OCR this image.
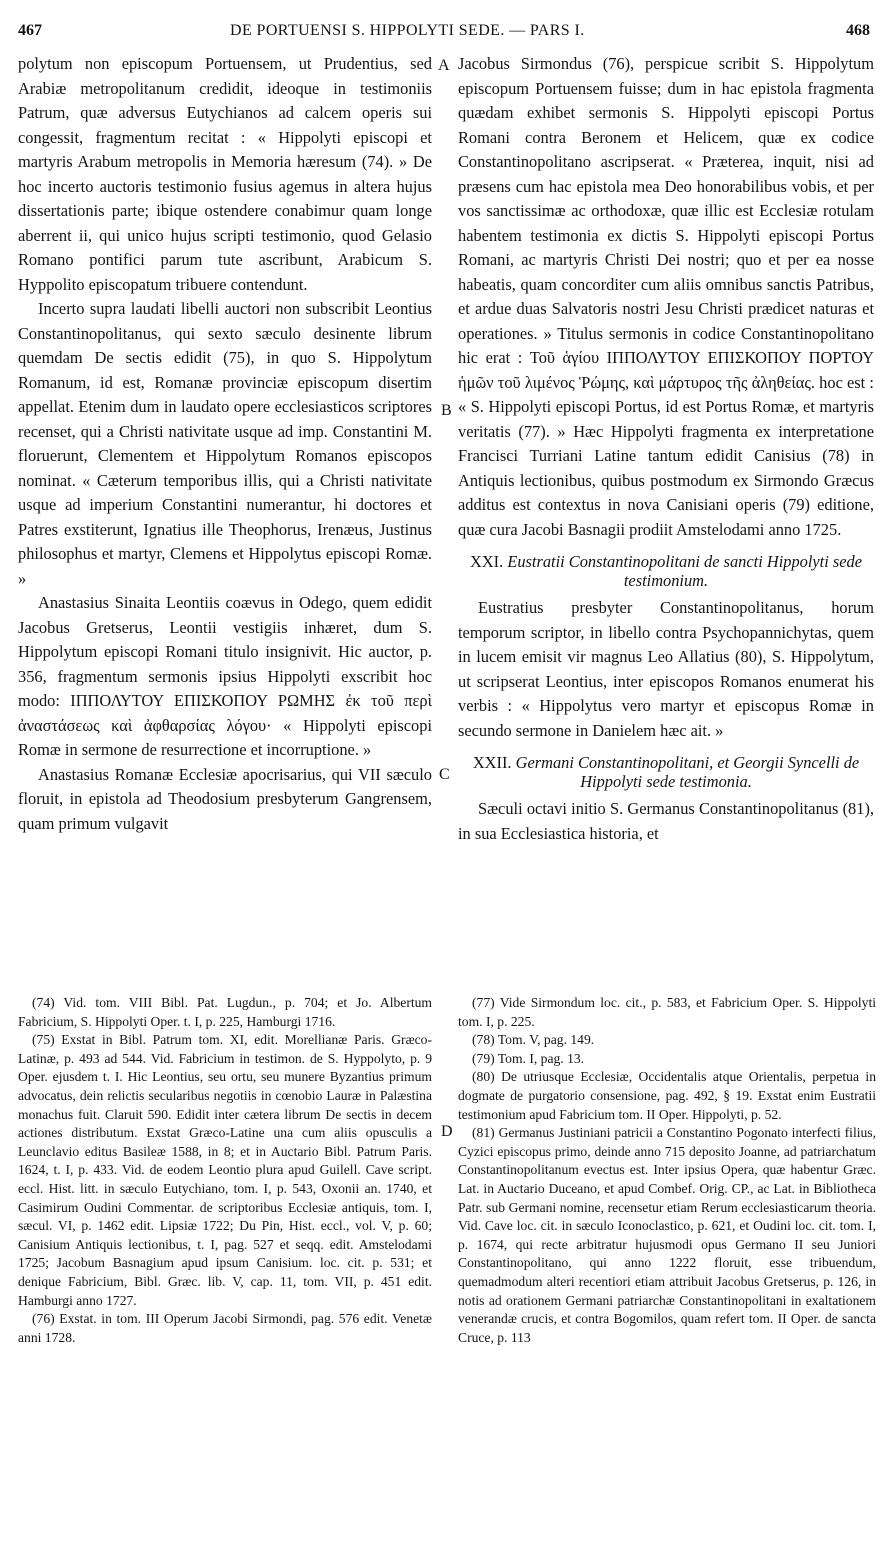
467	DE PORTUENSI S. HIPPOLYTI SEDE. — PARS I.	468

polytum non episcopum Portuensem, ut Prudentius, sed Arabiæ metropolitanum credidit, ideoque in testimoniis Patrum, quæ adversus Eutychianos ad calcem operis sui congessit, fragmentum recitat : « Hippolyti episcopi et martyris Arabum metropolis in Memoria hæresum (74). » De hoc incerto auctoris testimonio fusius agemus in altera hujus dissertationis parte; ibique ostendere conabimur quam longe aberrent ii, qui unico hujus scripti testimonio, quod Gelasio Romano pontifici parum tute ascribunt, Arabicum S. Hyppolito episcopatum tribuere contendunt.

Incerto supra laudati libelli auctori non subscribit Leontius Constantinopolitanus, qui sexto sæculo desinente librum quemdam De sectis edidit (75), in quo S. Hippolytum Romanum, id est, Romanæ provinciæ episcopum disertim appellat. Etenim dum in laudato opere ecclesiasticos scriptores recenset, qui a Christi nativitate usque ad imp. Constantini M. floruerunt, Clementem et Hippolytum Romanos episcopos nominat. « Cæterum temporibus illis, qui a Christi nativitate usque ad imperium Constantini numerantur, hi doctores et Patres exstiterunt, Ignatius ille Theophorus, Irenæus, Justinus philosophus et martyr, Clemens et Hippolytus episcopi Romæ. »

Anastasius Sinaita Leontiis coævus in Odego, quem edidit Jacobus Gretserus, Leontii vestigiis inhæret, dum S. Hippolytum episcopi Romani titulo insignivit. Hic auctor, p. 356, fragmentum sermonis ipsius Hippolyti exscribit hoc modo: ΙΠΠΟΛΥΤΟΥ ΕΠΙΣΚΟΠΟΥ ΡΩΜΗΣ ἐκ τοῦ περὶ ἀναστάσεως καὶ ἀφθαρσίας λόγου· « Hippolyti episcopi Romæ in sermone de resurrectione et incorruptione. »

Anastasius Romanæ Ecclesiæ apocrisarius, qui VII sæculo floruit, in epistola ad Theodosium presbyterum Gangrensem, quam primum vulgavit

A
B
C
D

Jacobus Sirmondus (76), perspicue scribit S. Hippolytum episcopum Portuensem fuisse; dum in hac epistola fragmenta quædam exhibet sermonis S. Hippolyti episcopi Portus Romani contra Beronem et Helicem, quæ ex codice Constantinopolitano ascripserat. « Præterea, inquit, nisi ad præsens cum hac epistola mea Deo honorabilibus vobis, et per vos sanctissimæ ac orthodoxæ, quæ illic est Ecclesiæ rotulam habentem testimonia ex dictis S. Hippolyti episcopi Portus Romani, ac martyris Christi Dei nostri; quo et per ea nosse habeatis, quam concorditer cum aliis omnibus sanctis Patribus, et ardue duas Salvatoris nostri Jesu Christi prædicet naturas et operationes. » Titulus sermonis in codice Constantinopolitano hic erat : Τοῦ ἁγίου ΙΠΠΟΛΥΤΟΥ ΕΠΙΣΚΟΠΟΥ ΠΟΡΤΟΥ ἡμῶν τοῦ λιμένος Ῥώμης, καὶ μάρτυρος τῆς ἀληθείας. hoc est : « S. Hippolyti episcopi Portus, id est Portus Romæ, et martyris veritatis (77). » Hæc Hippolyti fragmenta ex interpretatione Francisci Turriani Latine tantum edidit Canisius (78) in Antiquis lectionibus, quibus postmodum ex Sirmondo Græcus additus est contextus in nova Canisiani operis (79) editione, quæ cura Jacobi Basnagii prodiit Amstelodami anno 1725.

XXI. Eustratii Constantinopolitani de sancti Hippolyti sede testimonium.

Eustratius presbyter Constantinopolitanus, horum temporum scriptor, in libello contra Psychopannichytas, quem in lucem emisit vir magnus Leo Allatius (80), S. Hippolytum, ut scripserat Leontius, inter episcopos Romanos enumerat his verbis : « Hippolytus vero martyr et episcopus Romæ in secundo sermone in Danielem hæc ait. »

XXII. Germani Constantinopolitani, et Georgii Syncelli de Hippolyti sede testimonia.

Sæculi octavi initio S. Germanus Constantinopolitanus (81), in sua Ecclesiastica historia, et

(74) Vid. tom. VIII Bibl. Pat. Lugdun., p. 704; et Jo. Albertum Fabricium, S. Hippolyti Oper. t. I, p. 225, Hamburgi 1716.

(75) Exstat in Bibl. Patrum tom. XI, edit. Morellianæ Paris. Græco-Latinæ, p. 493 ad 544. Vid. Fabricium in testimon. de S. Hyppolyto, p. 9 Oper. ejusdem t. I. Hic Leontius, seu ortu, seu munere Byzantius primum advocatus, dein relictis secularibus negotiis in cœnobio Lauræ in Palæstina monachus fuit. Claruit 590. Edidit inter cætera librum De sectis in decem actiones distributum. Exstat Græco-Latine una cum aliis opusculis a Leunclavio editus Basileæ 1588, in 8; et in Auctario Bibl. Patrum Paris. 1624, t. I, p. 433. Vid. de eodem Leontio plura apud Guilell. Cave script. eccl. Hist. litt. in sæculo Eutychiano, tom. I, p. 543, Oxonii an. 1740, et Casimirum Oudini Commentar. de scriptoribus Ecclesiæ antiquis, tom. I, sæcul. VI, p. 1462 edit. Lipsiæ 1722; Du Pin, Hist. eccl., vol. V, p. 60; Canisium Antiquis lectionibus, t. I, pag. 527 et seqq. edit. Amstelodami 1725; Jacobum Basnagium apud ipsum Canisium. loc. cit. p. 531; et denique Fabricium, Bibl. Græc. lib. V, cap. 11, tom. VII, p. 451 edit. Hamburgi anno 1727.

(76) Exstat. in tom. III Operum Jacobi Sirmondi, pag. 576 edit. Venetæ anni 1728.

(77) Vide Sirmondum loc. cit., p. 583, et Fabricium Oper. S. Hippolyti tom. I, p. 225.

(78) Tom. V, pag. 149.

(79) Tom. I, pag. 13.

(80) De utriusque Ecclesiæ, Occidentalis atque Orientalis, perpetua in dogmate de purgatorio consensione, pag. 492, § 19. Exstat enim Eustratii testimonium apud Fabricium tom. II Oper. Hippolyti, p. 52.

(81) Germanus Justiniani patricii a Constantino Pogonato interfecti filius, Cyzici episcopus primo, deinde anno 715 deposito Joanne, ad patriarchatum Constantinopolitanum evectus est. Inter ipsius Opera, quæ habentur Græc. Lat. in Auctario Duceano, et apud Combef. Orig. CP., ac Lat. in Bibliotheca Patr. sub Germani nomine, recensetur etiam Rerum ecclesiasticarum theoria. Vid. Cave loc. cit. in sæculo Iconoclastico, p. 621, et Oudini loc. cit. tom. I, p. 1674, qui recte arbitratur hujusmodi opus Germano II seu Juniori Constantinopolitano, qui anno 1222 floruit, esse tribuendum, quemadmodum alteri recentiori etiam attribuit Jacobus Gretserus, p. 126, in notis ad orationem Germani patriarchæ Constantinopolitani in exaltationem venerandæ crucis, et contra Bogomilos, quam refert tom. II Oper. de sancta Cruce, p. 113
